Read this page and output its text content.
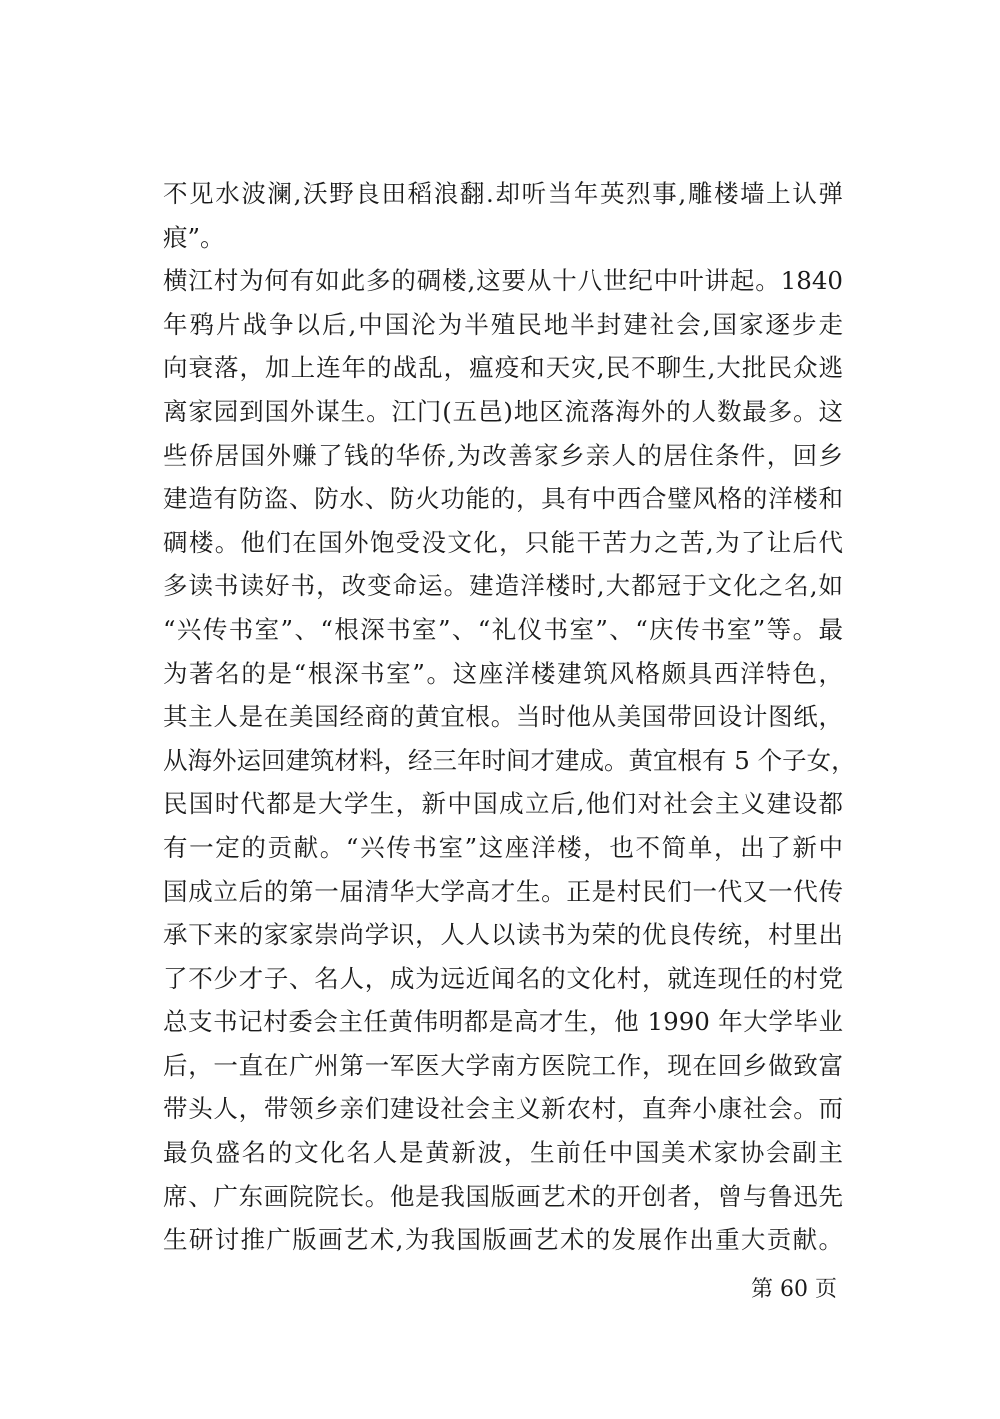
不见水波澜,沃野良田稻浪翻.却听当年英烈事,雕楼墙上认弹
痕”。
横江村为何有如此多的碉楼,这要从十八世纪中叶讲起。1840
年鸦片战争以后,中国沦为半殖民地半封建社会,国家逐步走
向衰落，加上连年的战乱，瘟疫和天灾,民不聊生,大批民众逃
离家园到国外谋生。江门(五邑)地区流落海外的人数最多。这
些侨居国外赚了钱的华侨,为改善家乡亲人的居住条件，回乡
建造有防盗、防水、防火功能的，具有中西合璧风格的洋楼和
碉楼。他们在国外饱受没文化，只能干苦力之苦,为了让后代
多读书读好书，改变命运。建造洋楼时,大都冠于文化之名,如
“兴传书室”、“根深书室”、“礼仪书室”、“庆传书室”等。最
为著名的是“根深书室”。这座洋楼建筑风格颇具西洋特色，
其主人是在美国经商的黄宜根。当时他从美国带回设计图纸，
从海外运回建筑材料，经三年时间才建成。黄宜根有 5 个子女，
民国时代都是大学生，新中国成立后,他们对社会主义建设都
有一定的贡献。“兴传书室”这座洋楼，也不简单，出了新中
国成立后的第一届清华大学高才生。正是村民们一代又一代传
承下来的家家崇尚学识，人人以读书为荣的优良传统，村里出
了不少才子、名人，成为远近闻名的文化村，就连现任的村党
总支书记村委会主任黄伟明都是高才生，他 1990 年大学毕业
后，一直在广州第一军医大学南方医院工作，现在回乡做致富
带头人，带领乡亲们建设社会主义新农村，直奔小康社会。而
最负盛名的文化名人是黄新波，生前任中国美术家协会副主
席、广东画院院长。他是我国版画艺术的开创者，曾与鲁迅先
生研讨推广版画艺术,为我国版画艺术的发展作出重大贡献。
第 60 页
